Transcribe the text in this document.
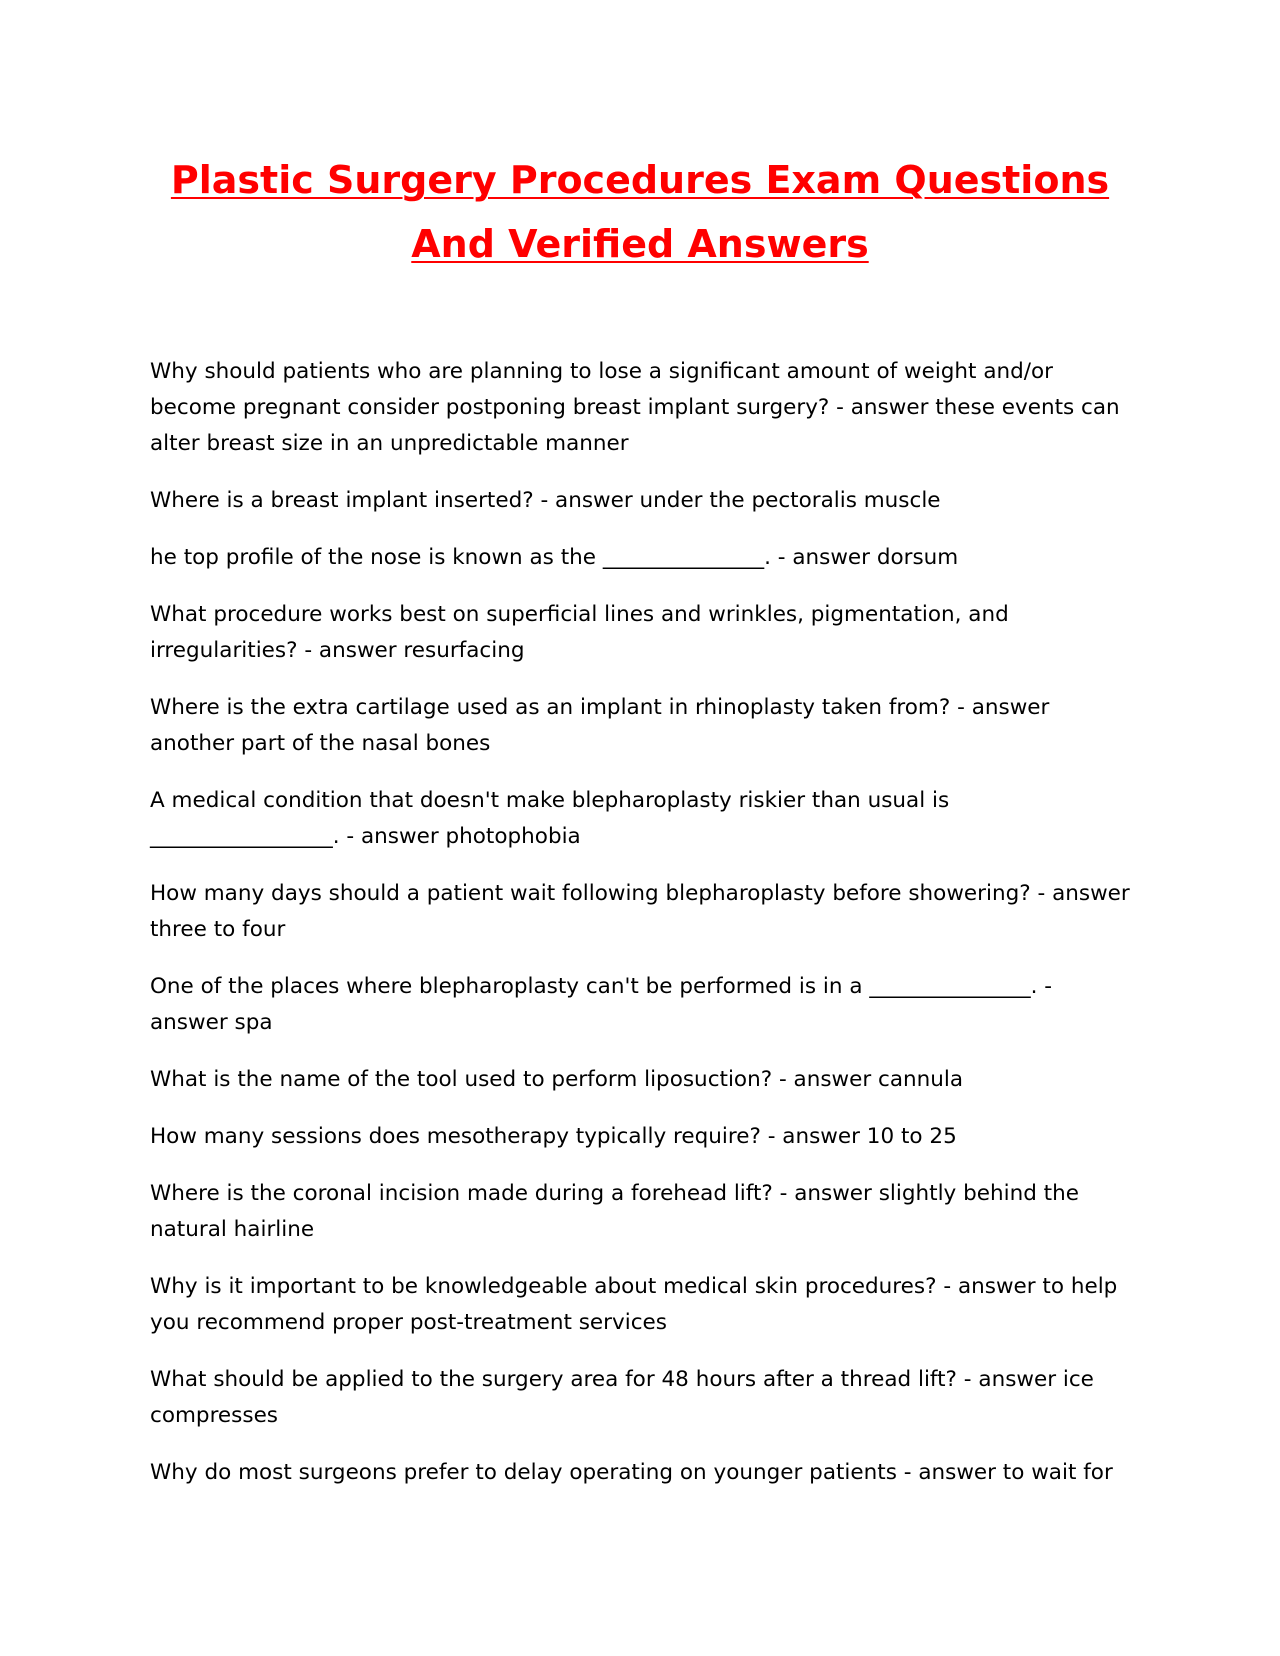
Plastic Surgery Procedures Exam Questions
And Verified Answers

Why should patients who are planning to lose a significant amount of weight and/or become pregnant consider postponing breast implant surgery? - answer these events can alter breast size in an unpredictable manner

Where is a breast implant inserted? - answer under the pectoralis muscle

he top profile of the nose is known as the _______________. - answer dorsum

What procedure works best on superficial lines and wrinkles, pigmentation, and irregularities? - answer resurfacing

Where is the extra cartilage used as an implant in rhinoplasty taken from? - answer another part of the nasal bones

A medical condition that doesn't make blepharoplasty riskier than usual is _________________. - answer photophobia

How many days should a patient wait following blepharoplasty before showering? - answer three to four

One of the places where blepharoplasty can't be performed is in a _______________. - answer spa

What is the name of the tool used to perform liposuction? - answer cannula

How many sessions does mesotherapy typically require? - answer 10 to 25

Where is the coronal incision made during a forehead lift? - answer slightly behind the natural hairline

Why is it important to be knowledgeable about medical skin procedures? - answer to help you recommend proper post-treatment services

What should be applied to the surgery area for 48 hours after a thread lift? - answer ice compresses

Why do most surgeons prefer to delay operating on younger patients - answer to wait for
